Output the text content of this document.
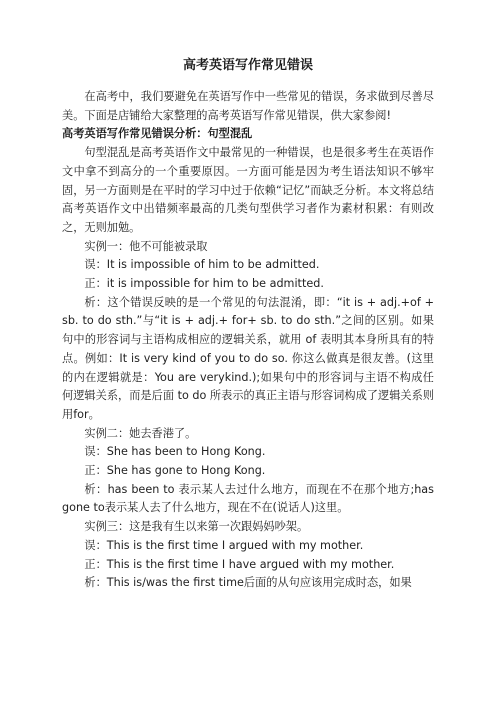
高考英语写作常见错误

在高考中，我们要避免在英语写作中一些常见的错误，务求做到尽善尽美。下面是店铺给大家整理的高考英语写作常见错误，供大家参阅!

高考英语写作常见错误分析：句型混乱

句型混乱是高考英语作文中最常见的一种错误，也是很多考生在英语作文中拿不到高分的一个重要原因。一方面可能是因为考生语法知识不够牢固，另一方面则是在平时的学习中过于依赖“记忆”而缺乏分析。本文将总结高考英语作文中出错频率最高的几类句型供学习者作为素材积累：有则改之，无则加勉。

实例一：他不可能被录取

误：It is impossible of him to be admitted.

正：it is impossible for him to be admitted.

析：这个错误反映的是一个常见的句法混淆，即：“it is + adj.+of + sb. to do sth.”与“it is + adj.+ for+ sb. to do sth.”之间的区别。如果句中的形容词与主语构成相应的逻辑关系，就用 of 表明其本身所具有的特点。例如：It is very kind of you to do so. 你这么做真是很友善。(这里的内在逻辑就是：You are verykind.);如果句中的形容词与主语不构成任何逻辑关系，而是后面 to do 所表示的真正主语与形容词构成了逻辑关系则用for。

实例二：她去香港了。

误：She has been to Hong Kong.

正：She has gone to Hong Kong.

析：has been to 表示某人去过什么地方，而现在不在那个地方;has gone to表示某人去了什么地方，现在不在(说话人)这里。

实例三：这是我有生以来第一次跟妈妈吵架。

误：This is the first time I argued with my mother.

正：This is the first time I have argued with my mother.

析：This is/was the first time后面的从句应该用完成时态，如果
